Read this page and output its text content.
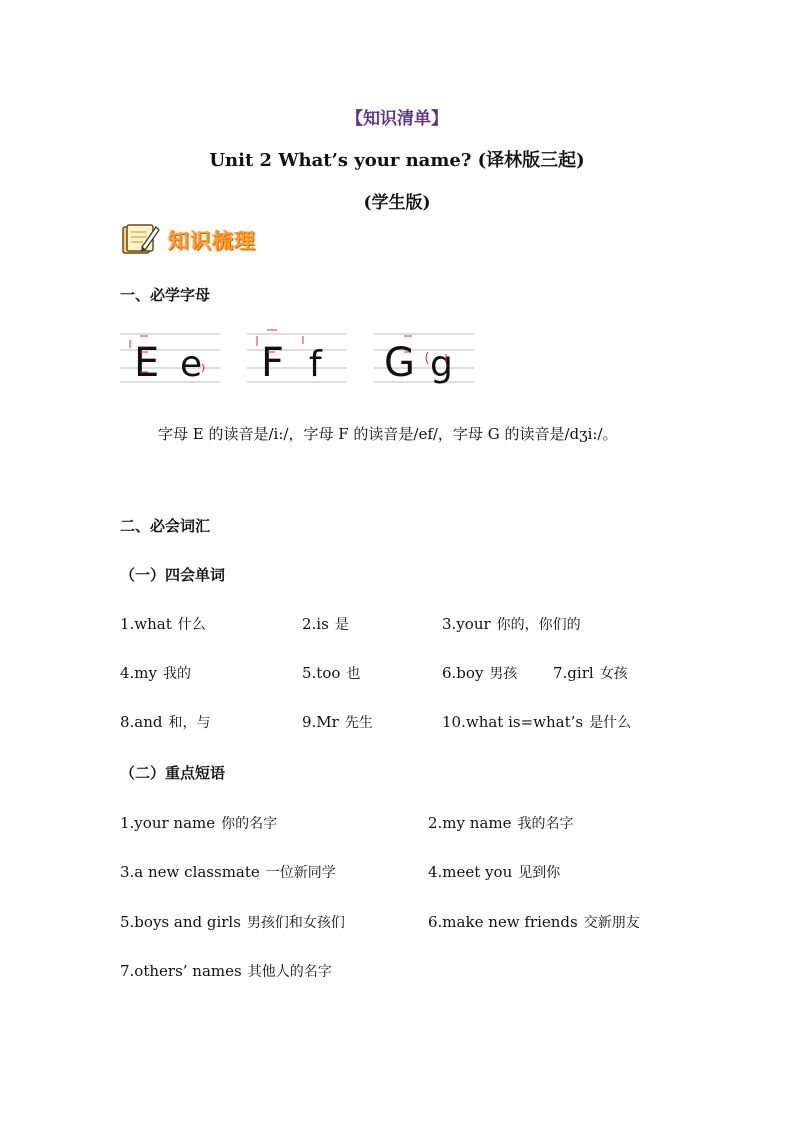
【知识清单】
Unit 2 What’s your name? (译林版三起)
(学生版)
知识梳理
一、必学字母
E e F f G g
字母 E 的读音是/i:/，字母 F 的读音是/ef/，字母 G 的读音是/dʒi:/。
二、必会词汇
（一）四会单词
1.what 什么	2.is 是	3.your 你的，你们的
4.my 我的	5.too 也	6.boy 男孩 7.girl 女孩
8.and 和，与	9.Mr 先生	10.what is=what’s 是什么
（二）重点短语
1.your name 你的名字	2.my name 我的名字
3.a new classmate 一位新同学	4.meet you 见到你
5.boys and girls 男孩们和女孩们	6.make new friends 交新朋友
7.others’ names 其他人的名字
